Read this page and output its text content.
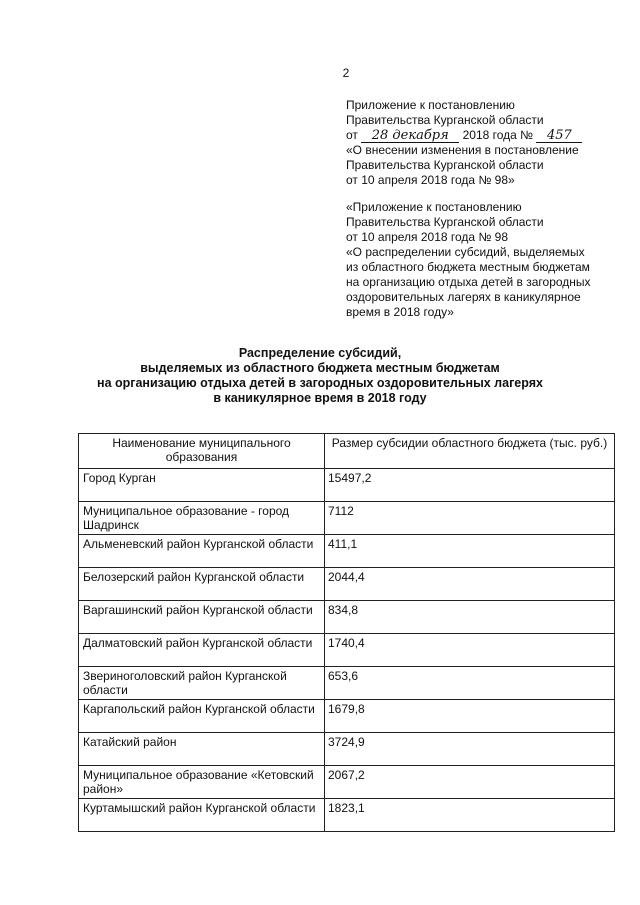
2
Приложение к постановлению
Правительства Курганской области
от 28 декабря 2018 года № 457
«О внесении изменения в постановление
Правительства Курганской области
от 10 апреля 2018 года № 98»
«Приложение к постановлению
Правительства Курганской области
от 10 апреля 2018 года № 98
«О распределении субсидий, выделяемых
из областного бюджета местным бюджетам
на организацию отдыха детей в загородных
оздоровительных лагерях в каникулярное
время в 2018 году»
Распределение субсидий,
выделяемых из областного бюджета местным бюджетам
на организацию отдыха детей в загородных оздоровительных лагерях
в каникулярное время в 2018 году
Наименование муниципального образования	Размер субсидии областного бюджета (тыс. руб.)
Город Курган	15497,2
Муниципальное образование - город Шадринск	7112
Альменевский район Курганской области	411,1
Белозерский район Курганской области	2044,4
Варгашинский район Курганской области	834,8
Далматовский район Курганской области	1740,4
Звериноголовский район Курганской области	653,6
Каргапольский район Курганской области	1679,8
Катайский район	3724,9
Муниципальное образование «Кетовский район»	2067,2
Куртамышский район Курганской области	1823,1
